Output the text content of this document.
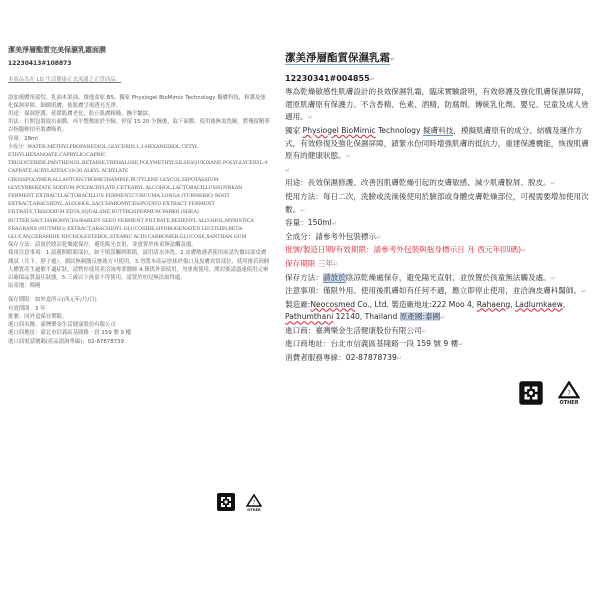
潔美淨層酯質完美保濕乳霜面膜
12230413#108873
本商品為在 LG 生活健康正式流通之正貨商品。

添加複體角鯊烷、乳油木果油、維他命原 B5、獨家 Physiogel BioMimic Technology 擬膚科技，修護及強化保濕屏障，細緻肌膚，使肌膚呈現透亮光澤。

用途：保濕舒護、延緩肌膚老化、防止肌膚粗糙、撫平皺紋。

用法：打開包裝取出面膜，再平整敷貼於全臉，停留 15-20 分鐘後，取下面膜，使用後無需洗臉，將殘留精華以指腹輕拍至肌膚吸收。

容量：28ml

全成分：WATER,METHYLPROPANEDIOL,GLYCERIN,1,2-HEXANEDIOL,CETYL ETHYLHEXANOATE,CAPRYLIC/CAPRIC TRIGLYCERIDE,PANTHENOL,BETAINE,TREHALOSE,POLYMETHYLSILSESQUIOXANE,POLYGLYCERYL-4 CAPRATE,ACRYLATES/C10-30 ALKYL ACRYLATE CROSSPOLYMER,ALLANTOIN,TROMETHAMINE,BUTYLENE GLYCOL,DIPOTASSIUM GLYCYRRHIZATE,SODIUM POLYACRYLATE,CETEARYL ALCOHOL,LACTOBACILLUS/SOYBEAN FERMENT EXTRACT,LACTOBACILLUS FERMENT,CURCUMA LONGA (TURMERIC) ROOT EXTRACT,ARACHIDYL ALCOHOL,SACCHAROMYCES/POTATO EXTRACT FERMENT FILTRATE,TRISODIUM EDTA,SQUALANE,BUTYROSPERMUM PARKII (SHEA) BUTTER,SACCHAROMYCES/BARLEY SEED FERMENT FILTRATE,BEHENYL ALCOHOL,MYRISTICA FRAGRANS (NUTMEG) EXTRACT,ARACHIDYL GLUCOSIDE,HYDROGENATED LECITHIN,BETA-GLUCAN,CERAMIDE NP,CHOLESTEROL,STEARIC ACID,CARBOMER,GLUCOSE,XANTHAN GUM

保存方法：請放於陰涼乾燥處保存，避免陽光直射，並放置於孩童無法觸及處。

使用注意事項：1.請避開眼睛部位，如不慎誤觸到眼睛，請用清水沖洗。2.皮膚敏感者使用前請先做局部皮膚測試（耳下、脖子處），測試無刺激反應後方可使用。3.勿將本產品塗抹於傷口及皮膚異常部位，使用後若因個人體質產生過敏不適症狀，請暫停使用並洽詢專業醫師 4.僅供外部使用，勿重複使用，開封後請盡速使用完畢以確保品質最佳狀態。5.三歲以下孩童不得使用，請置於幼兒無法取得處。

原產地：韓國

保存期限：如外盒所示(西元年/月/日)

有效期間：3 年

批號：同外盒保存期限。

進口商名稱：臺灣樂金生活健康股份有限公司

進口商地址：臺北市信義區基隆路一段 159 號 9 樓

進口商電話號碼(產品諮詢專線)：02-87878739

7
OTHER
潔美淨層酯質保濕乳霜↵
12230341#004855↵

專為乾燥敏感性肌膚設計的長效保濕乳霜，臨床實驗證明，有效修護及強化肌膚保濕屏障，還原肌膚原有保護力。不含香精、色素、酒精、防腐劑、傳統乳化劑。嬰兒、兒童及成人皆適用。↵

獨家 Physiogel BioMimic Technology 擬膚科技，模擬肌膚原有的成分、結構及運作方式，有效修復及強化保濕屏障，鎖緊水份同時增強肌膚的抵抗力，重建保護機能，恢復肌膚原有的健康狀態。↵

↵

用途：長效保濕修護、改善因肌膚乾燥引起的皮膚敏感、減少肌膚脫屑、脫皮。↵

使用方法：每日二次，洗臉或洗澡後使用於臉部或身體皮膚乾燥部位，可視需要增加使用次數。↵

容量：150ml↵

全成分：請參考外包裝標示↵

批號/製造日期/有效期限：請參考外包裝與瓶身標示日 月 西元年(四碼)↵

保存期限 三年↵

保存方法：請放於陰涼乾燥處保存，避免陽光直射，並放置於孩童無法觸及處。↵

注意事項：僅限外用。使用後肌膚如有任何不適，應立即停止使用，並洽詢皮膚科醫師。↵

製造廠:Neocosmed Co., Ltd. 製造廠地址:222 Moo 4, Rahaeng, Ladlumkaew, Pathumthani 12140, Thailand 原產國:泰國↵

進口商：臺灣樂金生活健康股份有限公司↵

進口商地址：台北市信義區基隆路一段 159 號 9 樓↵

消費者服務專線：02-87878739↵

7
OTHER
